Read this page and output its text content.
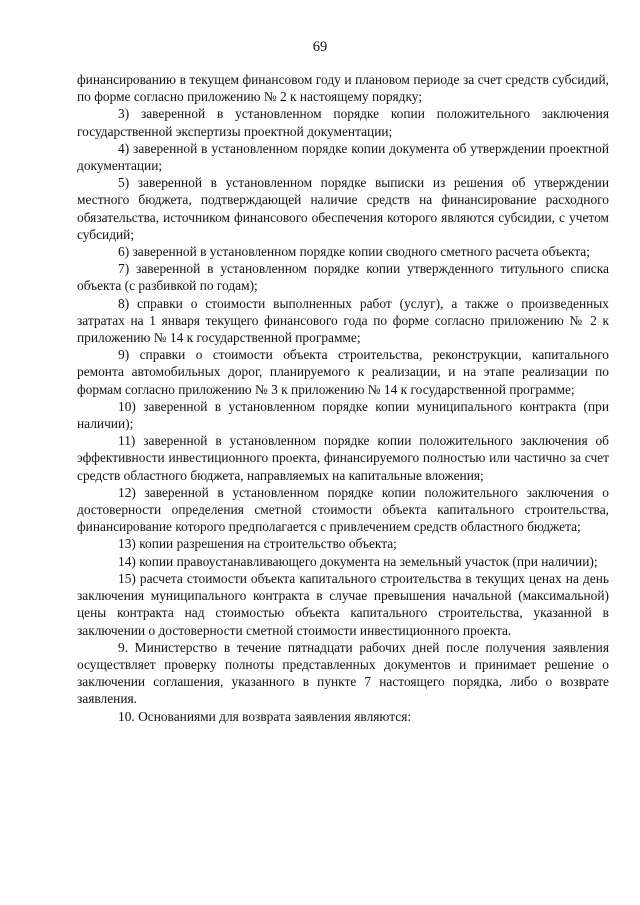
69

финансированию в текущем финансовом году и плановом периоде за счет средств субсидий, по форме согласно приложению № 2 к настоящему порядку;

3) заверенной в установленном порядке копии положительного заключения государственной экспертизы проектной документации;

4) заверенной в установленном порядке копии документа об утверждении проектной документации;

5) заверенной в установленном порядке выписки из решения об утверждении местного бюджета, подтверждающей наличие средств на финансирование расходного обязательства, источником финансового обеспечения которого являются субсидии, с учетом субсидий;

6) заверенной в установленном порядке копии сводного сметного расчета объекта;

7) заверенной в установленном порядке копии утвержденного титульного списка объекта (с разбивкой по годам);

8) справки о стоимости выполненных работ (услуг), а также о произведенных затратах на 1 января текущего финансового года по форме согласно приложению № 2 к приложению № 14 к государственной программе;

9) справки о стоимости объекта строительства, реконструкции, капитального ремонта автомобильных дорог, планируемого к реализации, и на этапе реализации по формам согласно приложению № 3 к приложению № 14 к государственной программе;

10) заверенной в установленном порядке копии муниципального контракта (при наличии);

11) заверенной в установленном порядке копии положительного заключения об эффективности инвестиционного проекта, финансируемого полностью или частично за счет средств областного бюджета, направляемых на капитальные вложения;

12) заверенной в установленном порядке копии положительного заключения о достоверности определения сметной стоимости объекта капитального строительства, финансирование которого предполагается с привлечением средств областного бюджета;

13) копии разрешения на строительство объекта;

14) копии правоустанавливающего документа на земельный участок (при наличии);

15) расчета стоимости объекта капитального строительства в текущих ценах на день заключения муниципального контракта в случае превышения начальной (максимальной) цены контракта над стоимостью объекта капитального строительства, указанной в заключении о достоверности сметной стоимости инвестиционного проекта.

9. Министерство в течение пятнадцати рабочих дней после получения заявления осуществляет проверку полноты представленных документов и принимает решение о заключении соглашения, указанного в пункте 7 настоящего порядка, либо о возврате заявления.

10. Основаниями для возврата заявления являются:
